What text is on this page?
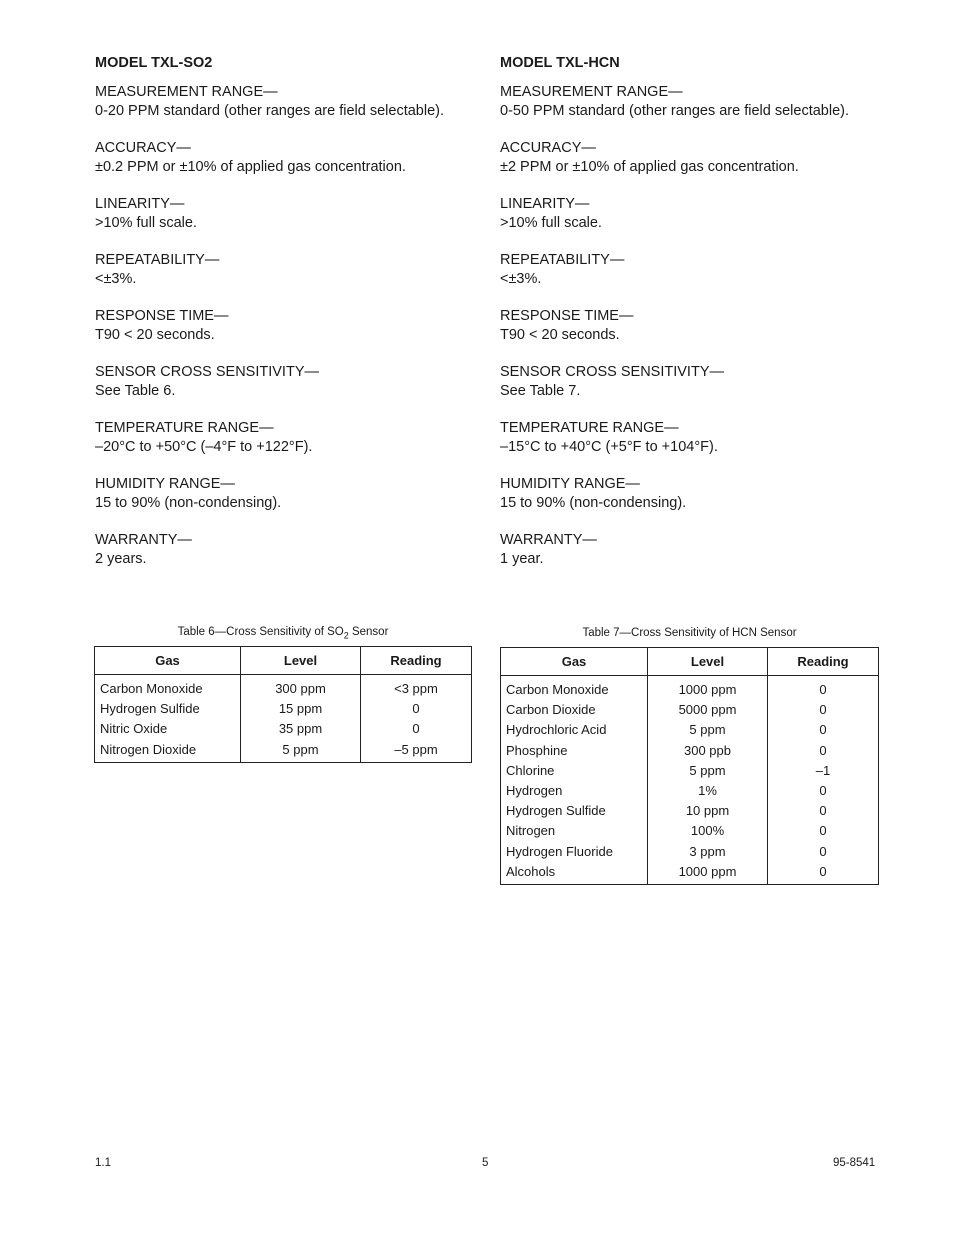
MODEL TXL-SO2
MEASUREMENT RANGE—
0-20 PPM standard (other ranges are field selectable).
ACCURACY—
±0.2 PPM or ±10% of applied gas concentration.
LINEARITY—
>10% full scale.
REPEATABILITY—
<±3%.
RESPONSE TIME—
T90 < 20 seconds.
SENSOR CROSS SENSITIVITY—
See Table 6.
TEMPERATURE RANGE—
–20°C to +50°C (–4°F to +122°F).
HUMIDITY RANGE—
15 to 90% (non-condensing).
WARRANTY—
2 years.
MODEL TXL-HCN
MEASUREMENT RANGE—
0-50 PPM standard (other ranges are field selectable).
ACCURACY—
±2 PPM or ±10% of applied gas concentration.
LINEARITY—
>10% full scale.
REPEATABILITY—
<±3%.
RESPONSE TIME—
T90 < 20 seconds.
SENSOR CROSS SENSITIVITY—
See Table 7.
TEMPERATURE RANGE—
–15°C to +40°C (+5°F to +104°F).
HUMIDITY RANGE—
15 to 90% (non-condensing).
WARRANTY—
1 year.
Table 6—Cross Sensitivity of $SO_2$ Sensor
Gas	Level	Reading
Carbon Monoxide	300 ppm	<3 ppm
Hydrogen Sulfide	15 ppm	0
Nitric Oxide	35 ppm	0
Nitrogen Dioxide	5 ppm	–5 ppm
Table 7—Cross Sensitivity of HCN Sensor
Gas	Level	Reading
Carbon Monoxide	1000 ppm	0
Carbon Dioxide	5000 ppm	0
Hydrochloric Acid	5 ppm	0
Phosphine	300 ppb	0
Chlorine	5 ppm	–1
Hydrogen	1%	0
Hydrogen Sulfide	10 ppm	0
Nitrogen	100%	0
Hydrogen Fluoride	3 ppm	0
Alcohols	1000 ppm	0
1.1	5	95-8541
